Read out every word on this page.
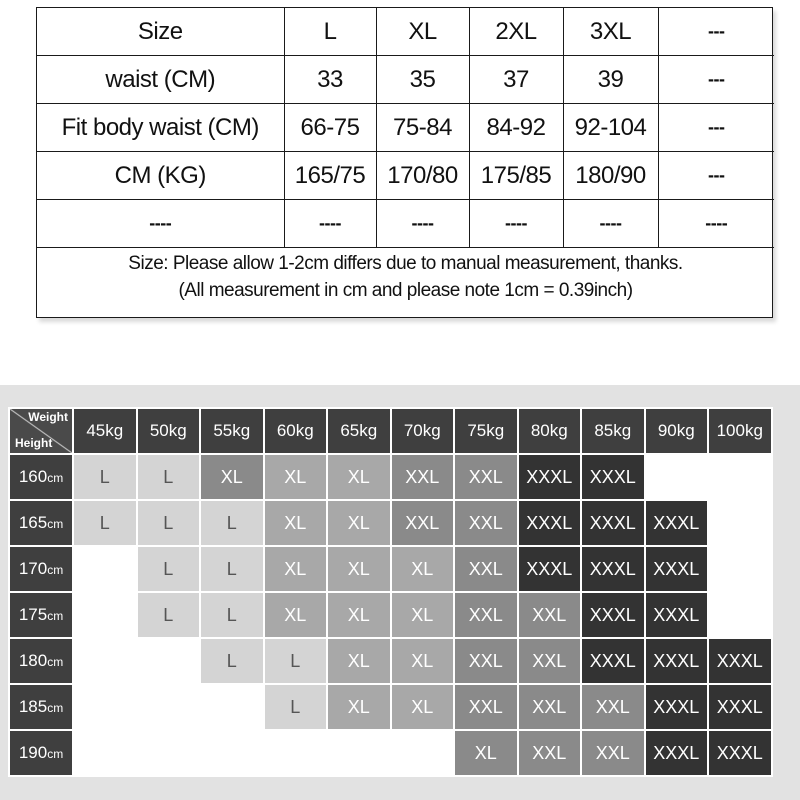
Size	L	XL	2XL	3XL	---
waist (CM)	33	35	37	39	---
Fit body waist (CM)	66-75	75-84	84-92	92-104	---
CM (KG)	165/75	170/80	175/85	180/90	---
----	----	----	----	----	----

Size: Please allow 1-2cm differs due to manual measurement, thanks.
(All measurement in cm and please note 1cm = 0.39inch)					
Weight
Height	45kg	50kg	55kg	60kg	65kg	70kg	75kg	80kg	85kg	90kg	100kg
160cm	L	L	XL	XL	XL	XXL	XXL	XXXL	XXXL		
165cm	L	L	L	XL	XL	XXL	XXL	XXXL	XXXL	XXXL	
170cm		L	L	XL	XL	XL	XXL	XXXL	XXXL	XXXL	
175cm		L	L	XL	XL	XL	XXL	XXL	XXXL	XXXL	
180cm			L	L	XL	XL	XXL	XXL	XXXL	XXXL	XXXL
185cm				L	XL	XL	XXL	XXL	XXL	XXXL	XXXL
190cm							XL	XXL	XXL	XXXL	XXXL
